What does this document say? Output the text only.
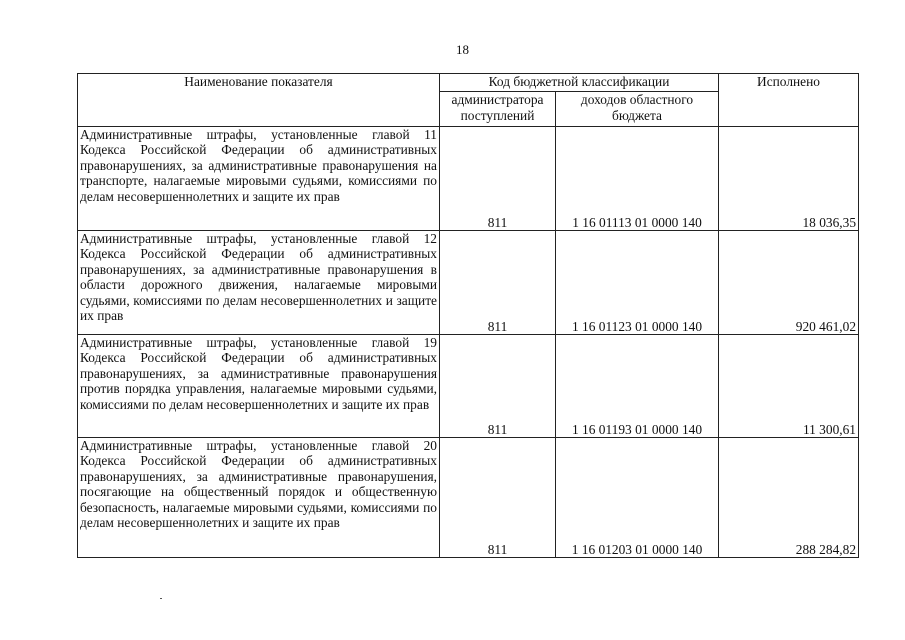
18
Наименование показателя	Код бюджетной классификации		Исполнено
	администратора поступлений	доходов областного бюджета	
Административные штрафы, установленные главой 11 Кодекса Российской Федерации об административных правонарушениях, за административные правонарушения на транспорте, налагаемые мировыми судьями, комиссиями по делам несовершеннолетних и защите их прав	811	1 16 01113 01 0000 140	18 036,35
Административные штрафы, установленные главой 12 Кодекса Российской Федерации об административных правонарушениях, за административные правонарушения в области дорожного движения, налагаемые мировыми судьями, комиссиями по делам несовершеннолетних и защите их прав	811	1 16 01123 01 0000 140	920 461,02
Административные штрафы, установленные главой 19 Кодекса Российской Федерации об административных правонарушениях, за административные правонарушения против порядка управления, налагаемые мировыми судьями, комиссиями по делам несовершеннолетних и защите их прав	811	1 16 01193 01 0000 140	11 300,61
Административные штрафы, установленные главой 20 Кодекса Российской Федерации об административных правонарушениях, за административные правонарушения, посягающие на общественный порядок и общественную безопасность, налагаемые мировыми судьями, комиссиями по делам несовершеннолетних и защите их прав	811	1 16 01203 01 0000 140	288 284,82
